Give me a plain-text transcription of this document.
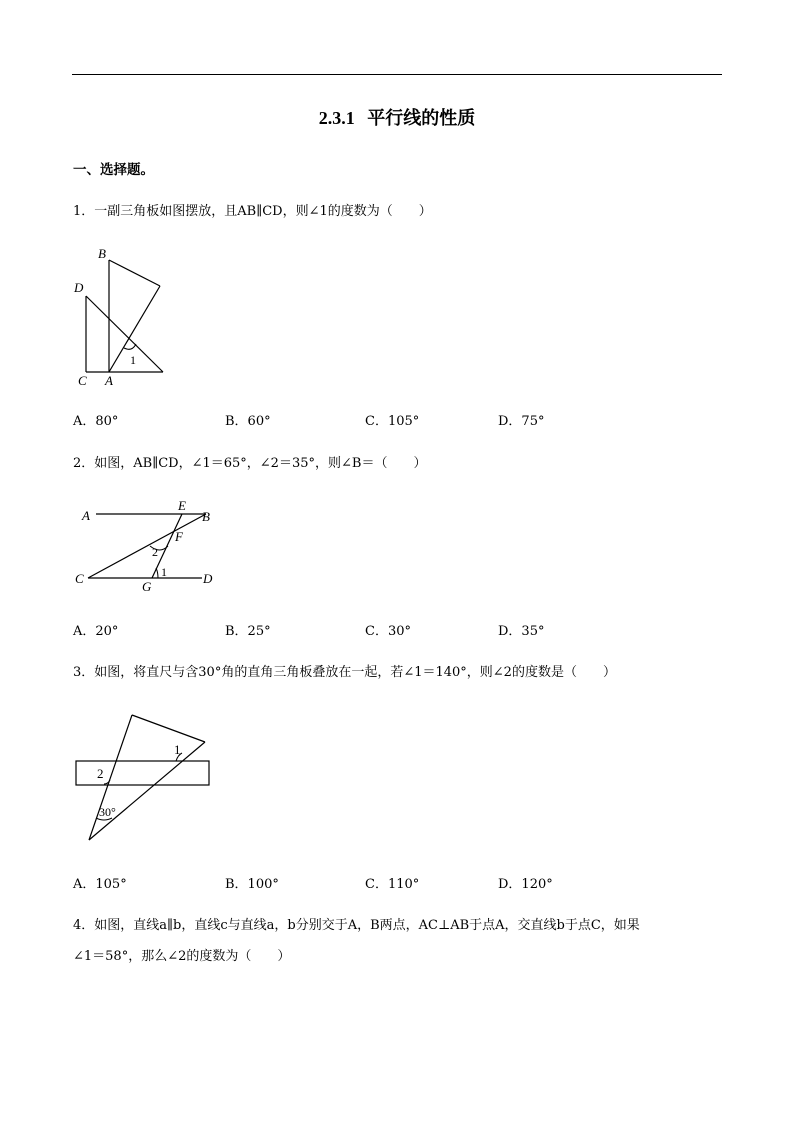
2.3.1 平行线的性质
一、选择题。
1．一副三角板如图摆放，且AB∥CD，则∠1的度数为（　　）
B
D
C A
1
A．80°	B．60°	C．105°	D．75°
2．如图，AB∥CD，∠1＝65°，∠2＝35°，则∠B＝（　　）
A
E
B
F
2
C
G
1	D
A．20°	B．25°	C．30°	D．35°
3．如图，将直尺与含30°角的直角三角板叠放在一起，若∠1＝140°，则∠2的度数是（　　）
1
2
30°
A．105°	B．100°	C．110°	D．120°
4．如图，直线a∥b，直线c与直线a，b分别交于A，B两点，AC⊥AB于点A，交直线b于点C，如果
∠1＝58°，那么∠2的度数为（　　）
